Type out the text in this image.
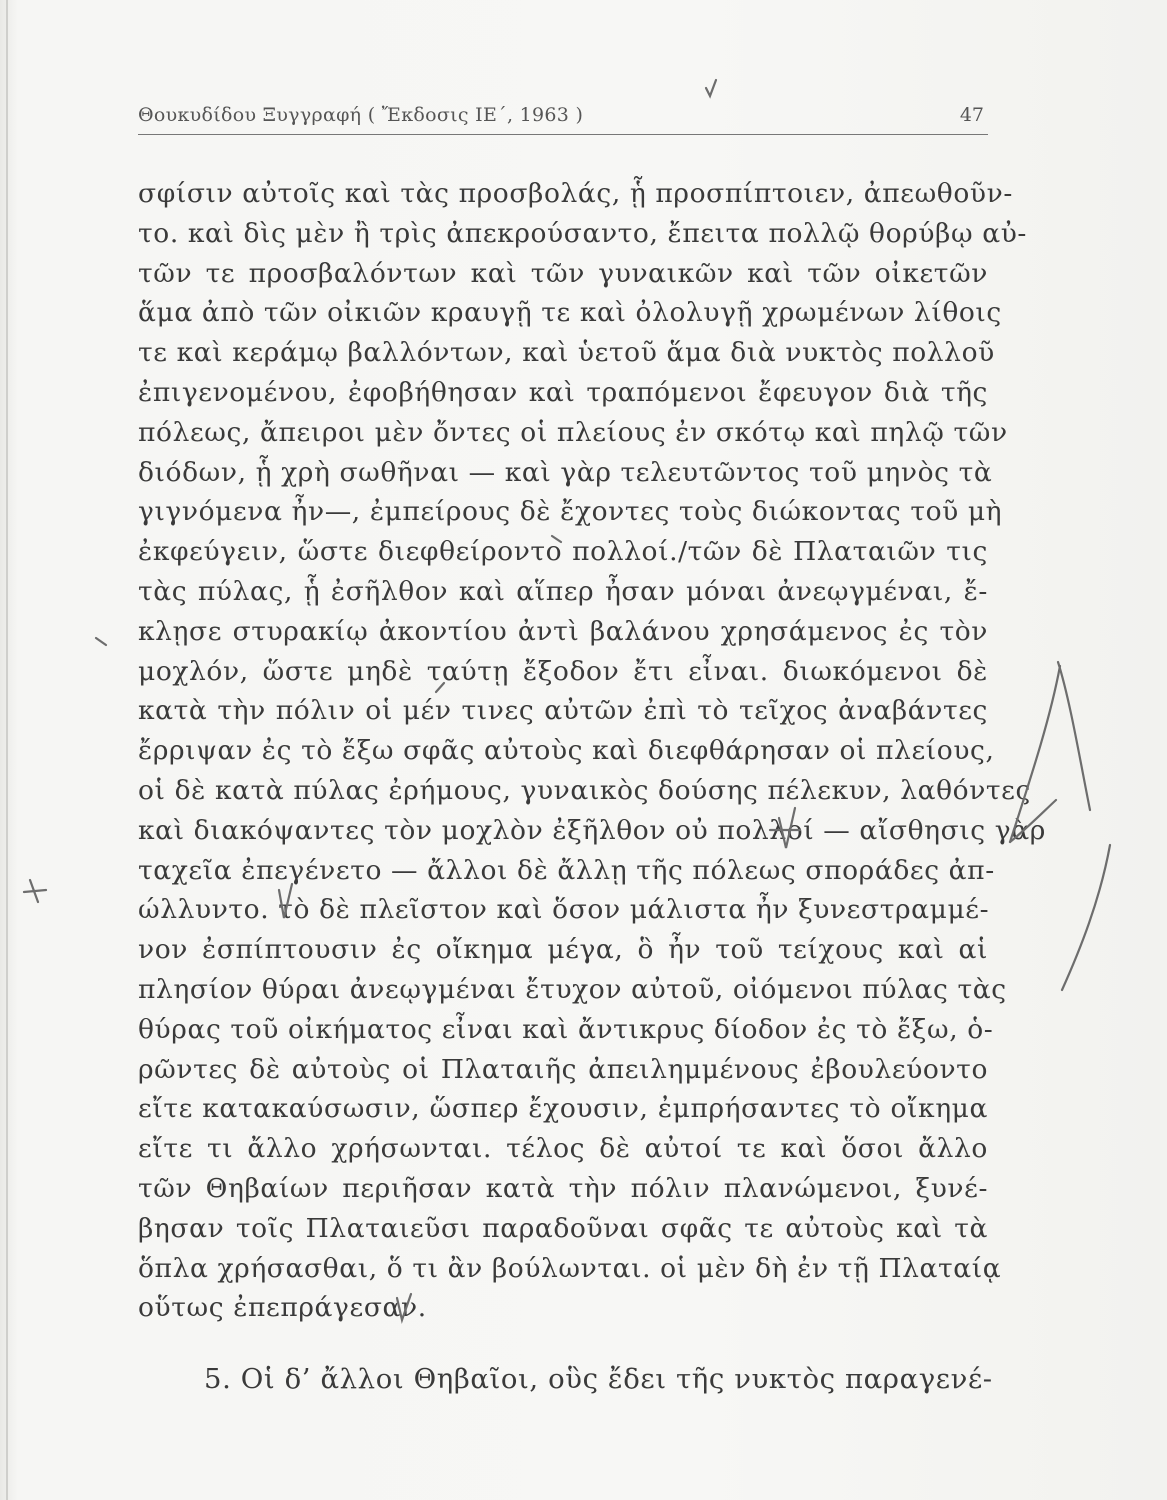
Θουκυδίδου Ξυγγραφή ( Ἔκδοσις ΙΕ΄, 1963 )	47
σφίσιν αὐτοῖς καὶ τὰς προσβολάς, ᾗ προσπίπτοιεν, ἀπεωθοῦν-
το. καὶ δὶς μὲν ἢ τρὶς ἀπεκρούσαντο, ἔπειτα πολλῷ θορύβῳ αὐ-
τῶν τε προσβαλόντων καὶ τῶν γυναικῶν καὶ τῶν οἰκετῶν
ἅμα ἀπὸ τῶν οἰκιῶν κραυγῇ τε καὶ ὀλολυγῇ χρωμένων λίθοις
τε καὶ κεράμῳ βαλλόντων, καὶ ὑετοῦ ἅμα διὰ νυκτὸς πολλοῦ
ἐπιγενομένου, ἐφοβήθησαν καὶ τραπόμενοι ἔφευγον διὰ τῆς
πόλεως, ἄπειροι μὲν ὄντες οἱ πλείους ἐν σκότῳ καὶ πηλῷ τῶν
διόδων, ᾗ χρὴ σωθῆναι — καὶ γὰρ τελευτῶντος τοῦ μηνὸς τὰ
γιγνόμενα ἦν—, ἐμπείρους δὲ ἔχοντες τοὺς διώκοντας τοῦ μὴ
ἐκφεύγειν, ὥστε διεφθείροντο πολλοί./τῶν δὲ Πλαταιῶν τις
τὰς πύλας, ᾗ ἐσῆλθον καὶ αἵπερ ἦσαν μόναι ἀνεῳγμέναι, ἔ-
κλῃσε στυρακίῳ ἀκοντίου ἀντὶ βαλάνου χρησάμενος ἐς τὸν
μοχλόν, ὥστε μηδὲ ταύτῃ ἔξοδον ἔτι εἶναι. διωκόμενοι δὲ
κατὰ τὴν πόλιν οἱ μέν τινες αὐτῶν ἐπὶ τὸ τεῖχος ἀναβάντες
ἔρριψαν ἐς τὸ ἔξω σφᾶς αὐτοὺς καὶ διεφθάρησαν οἱ πλείους,
οἱ δὲ κατὰ πύλας ἐρήμους, γυναικὸς δούσης πέλεκυν, λαθόντες
καὶ διακόψαντες τὸν μοχλὸν ἐξῆλθον οὐ πολλοί — αἴσθησις γὰρ
ταχεῖα ἐπεγένετο — ἄλλοι δὲ ἄλλῃ τῆς πόλεως σποράδες ἀπ-
ώλλυντο. τὸ δὲ πλεῖστον καὶ ὅσον μάλιστα ἦν ξυνεστραμμέ-
νον ἐσπίπτουσιν ἐς οἴκημα μέγα, ὃ ἦν τοῦ τείχους καὶ αἱ
πλησίον θύραι ἀνεῳγμέναι ἔτυχον αὐτοῦ, οἰόμενοι πύλας τὰς
θύρας τοῦ οἰκήματος εἶναι καὶ ἄντικρυς δίοδον ἐς τὸ ἔξω, ὁ-
ρῶντες δὲ αὐτοὺς οἱ Πλαταιῆς ἀπειλημμένους ἐβουλεύοντο
εἴτε κατακαύσωσιν, ὥσπερ ἔχουσιν, ἐμπρήσαντες τὸ οἴκημα
εἴτε τι ἄλλο χρήσωνται. τέλος δὲ αὐτοί τε καὶ ὅσοι ἄλλο
τῶν Θηβαίων περιῆσαν κατὰ τὴν πόλιν πλανώμενοι, ξυνέ-
βησαν τοῖς Πλαταιεῦσι παραδοῦναι σφᾶς τε αὐτοὺς καὶ τὰ
ὅπλα χρήσασθαι, ὅ τι ἂν βούλωνται. οἱ μὲν δὴ ἐν τῇ Πλαταίᾳ
οὕτως ἐπεπράγεσαν.
5. Οἱ δ’ ἄλλοι Θηβαῖοι, οὓς ἔδει τῆς νυκτὸς παραγενέ-
